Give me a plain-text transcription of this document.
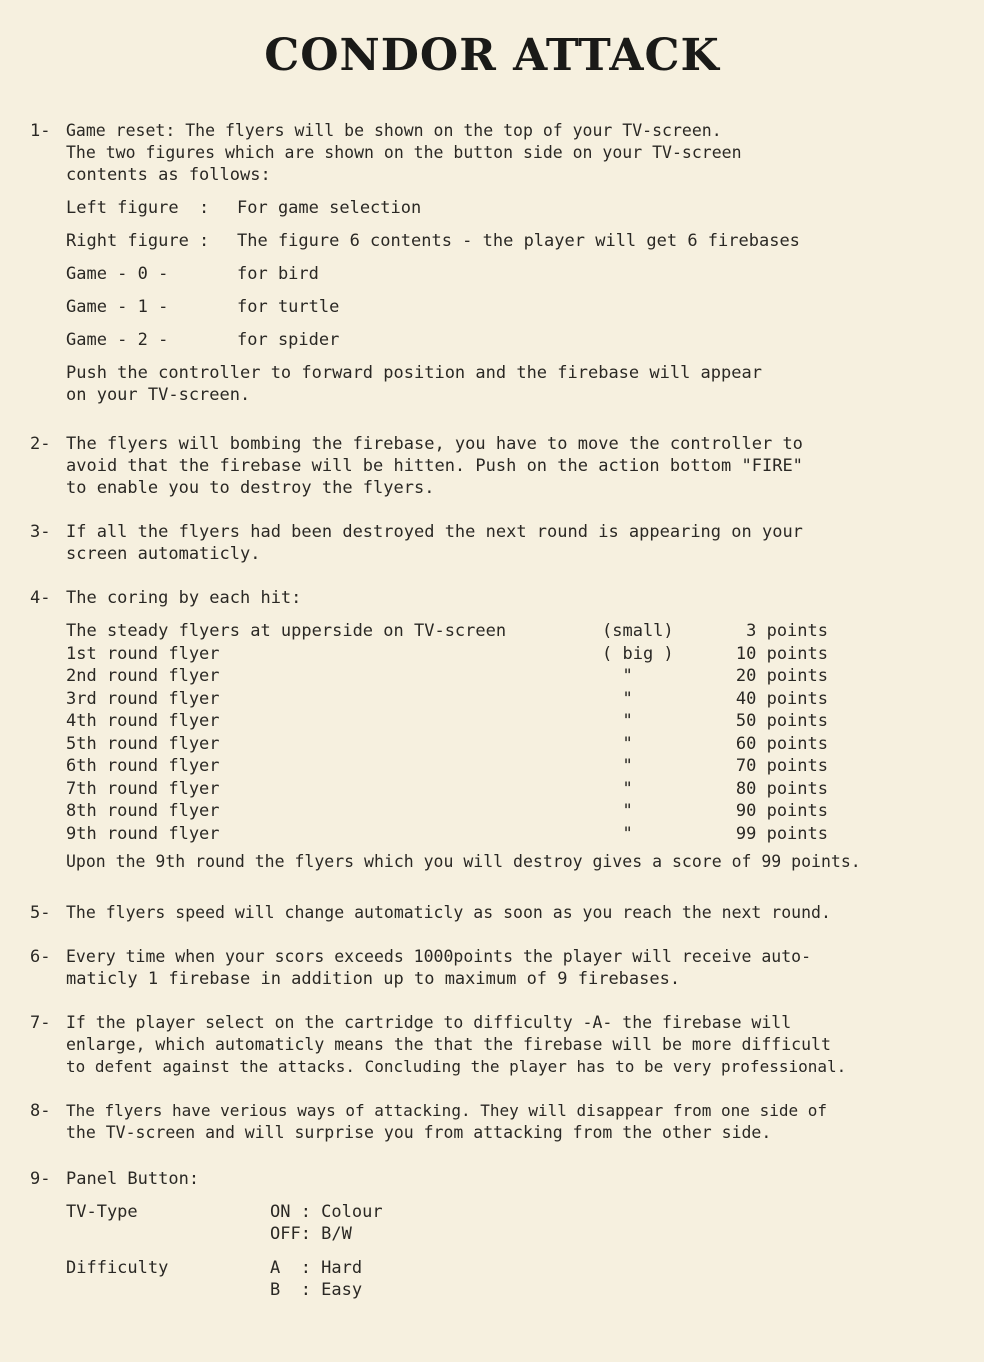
CONDOR ATTACK
1- Game reset: The flyers will be shown on the top of your TV-screen.
The two figures which are shown on the button side on your TV-screen
contents as follows:
Left figure  :	For game selection
Right figure :	The figure 6 contents - the player will get 6 firebases
Game - 0 -	for bird
Game - 1 -	for turtle
Game - 2 -	for spider
Push the controller to forward position and the firebase will appear
on your TV-screen.
2- The flyers will bombing the firebase, you have to move the controller to
avoid that the firebase will be hitten. Push on the action bottom "FIRE"
to enable you to destroy the flyers.
3- If all the flyers had been destroyed the next round is appearing on your
screen automaticly.
4- The coring by each hit:
The steady flyers at upperside on TV-screen	(small)	3 points
1st round flyer	( big )	10 points
2nd round flyer	"	20 points
3rd round flyer	"	40 points
4th round flyer	"	50 points
5th round flyer	"	60 points
6th round flyer	"	70 points
7th round flyer	"	80 points
8th round flyer	"	90 points
9th round flyer	"	99 points
Upon the 9th round the flyers which you will destroy gives a score of 99 points.
5- The flyers speed will change automaticly as soon as you reach the next round.
6- Every time when your scors exceeds 1000points the player will receive auto-
maticly 1 firebase in addition up to maximum of 9 firebases.
7- If the player select on the cartridge to difficulty -A- the firebase will
enlarge, which automaticly means the that the firebase will be more difficult
to defent against the attacks. Concluding the player has to be very professional.
8- The flyers have verious ways of attacking. They will disappear from one side of
the TV-screen and will surprise you from attacking from the other side.
9- Panel Button:
TV-Type	ON : Colour
OFF: B/W
Difficulty	A  : Hard
B  : Easy
